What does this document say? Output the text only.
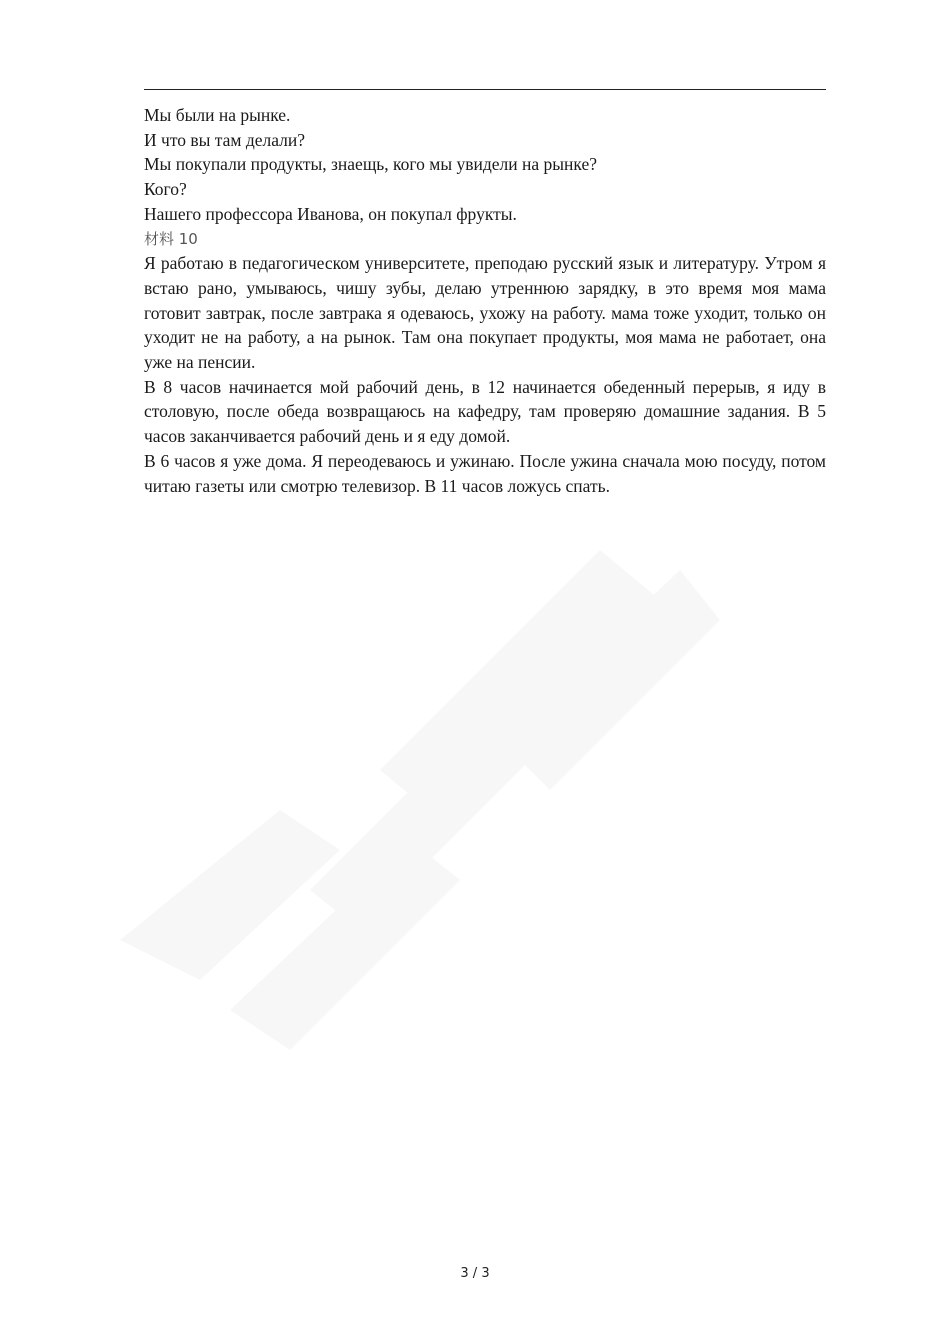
Мы были на рынке.

И что вы там делали?

Мы покупали продукты, знаещь, кого мы увидели на рынке?

Кого?

Нашего профессора Иванова, он покупал фрукты.

材料 10

Я работаю в педагогическом университете, преподаю русский язык и литературу. Утром я встаю рано, умываюсь, чишу зубы, делаю утреннюю зарядку, в это время моя мама готовит завтрак, после завтрака я одеваюсь, ухожу на работу. мама тоже уходит, только он уходит не на работу, а на рынок. Там она покупает продукты, моя мама не работает, она уже на пенсии.

В 8 часов начинается мой рабочий день, в 12 начинается обеденный перерыв, я иду в столовую, после обеда возвращаюсь на кафедру, там проверяю домашние задания. В 5 часов заканчивается рабочий день и я еду домой.

В 6 часов я уже дома. Я переодеваюсь и ужинаю. После ужина сначала мою посуду, потом читаю газеты или смотрю телевизор. В 11 часов ложусь спать.

3 / 3
